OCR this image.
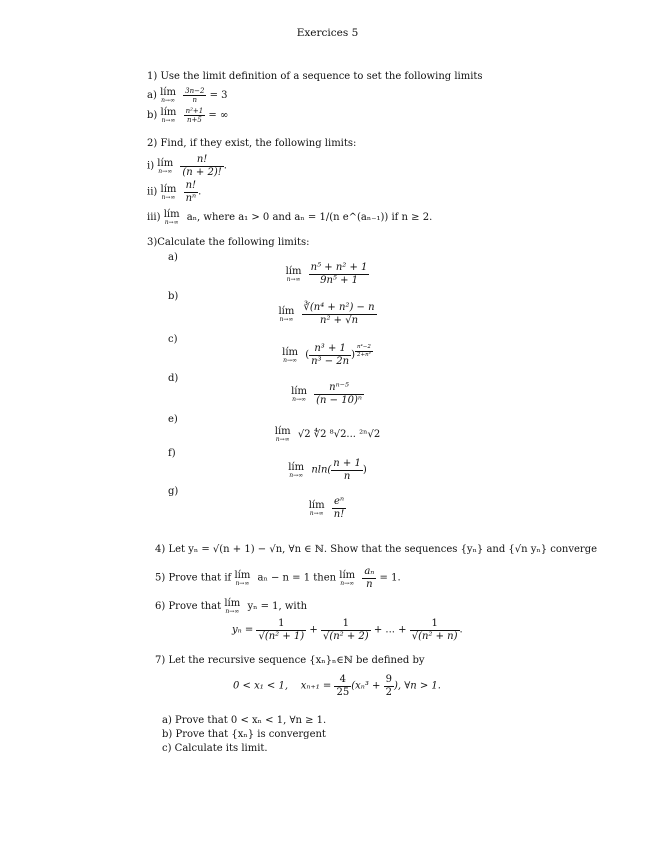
Exercices 5
1) Use the limit definition of a sequence to set the following limits
a) lím
n→∞
$\frac{3n-2}{n} = 3$
b) lím
n→∞
$\frac{\text{n²+1}}{n+5}$ = ∞
2) Find, if they exist, the following limits:
i) lím
n→∞
$\frac{n!}{(n + 2)!}$ .
ii) lím
n→∞
$\frac{n!}{\text{nⁿ}}$ .
iii) lím
n→∞ aₙ, where a₁ > 0 and aₙ = 1/(n e^(aₙ₋₁)) if n ≥ 2.
3)Calculate the following limits:
a)
lím
n→∞
$\frac{\text{n⁵ + n² + 1}}{\text{9n⁵ + 1}}$
b)
lím
n→∞
$\frac{\text{∛(n⁴ + n²) − n}}{\text{n² + √n}}$
c)
lím
n→∞ ( $\frac{\text{n³ + 1}}{\text{n³ − 2n}}$ ) $^{\frac{\text{n⁴−2}}{\text{2+n²}}}$
d)
lím
n→∞
$\frac{\text{nⁿ⁻⁵}}{\text{(n − 10)ⁿ}}$
e)
lím
n→∞ √2 ∜2 ⁸√2... ²ⁿ√2
f)
lím
n→∞ $nln( \frac{n + 1}{n}$ )
g)
lím
n→∞
$\frac{\text{eⁿ}}{n!}$
4) Let yₙ = √(n + 1) − √n, ∀n ∈ ℕ. Show that the sequences {yₙ} and {√n yₙ} converge
5) Prove that if lím
n→∞ aₙ − n = 1 then lím
n→∞
$\frac{\text{aₙ}}{n} = 1$.
6) Prove that lím
n→∞ yₙ = 1, with
$y_n = \frac{1}{\text{√(n² + 1)}} + \frac{1}{\text{√(n² + 2)}}$ + ... + $\frac{1}{\text{√(n² + n)}}$ .
7) Let the recursive sequence {xₙ}ₙ∈ℕ be defined by
0 < x₁ < 1, $x_{n+1} = \frac{4}{25} (x_n^3 + \frac{9}{2}$ ), ∀n > 1.
a) Prove that 0 < xₙ < 1, ∀n ≥ 1.
b) Prove that {xₙ} is convergent
c) Calculate its limit.
